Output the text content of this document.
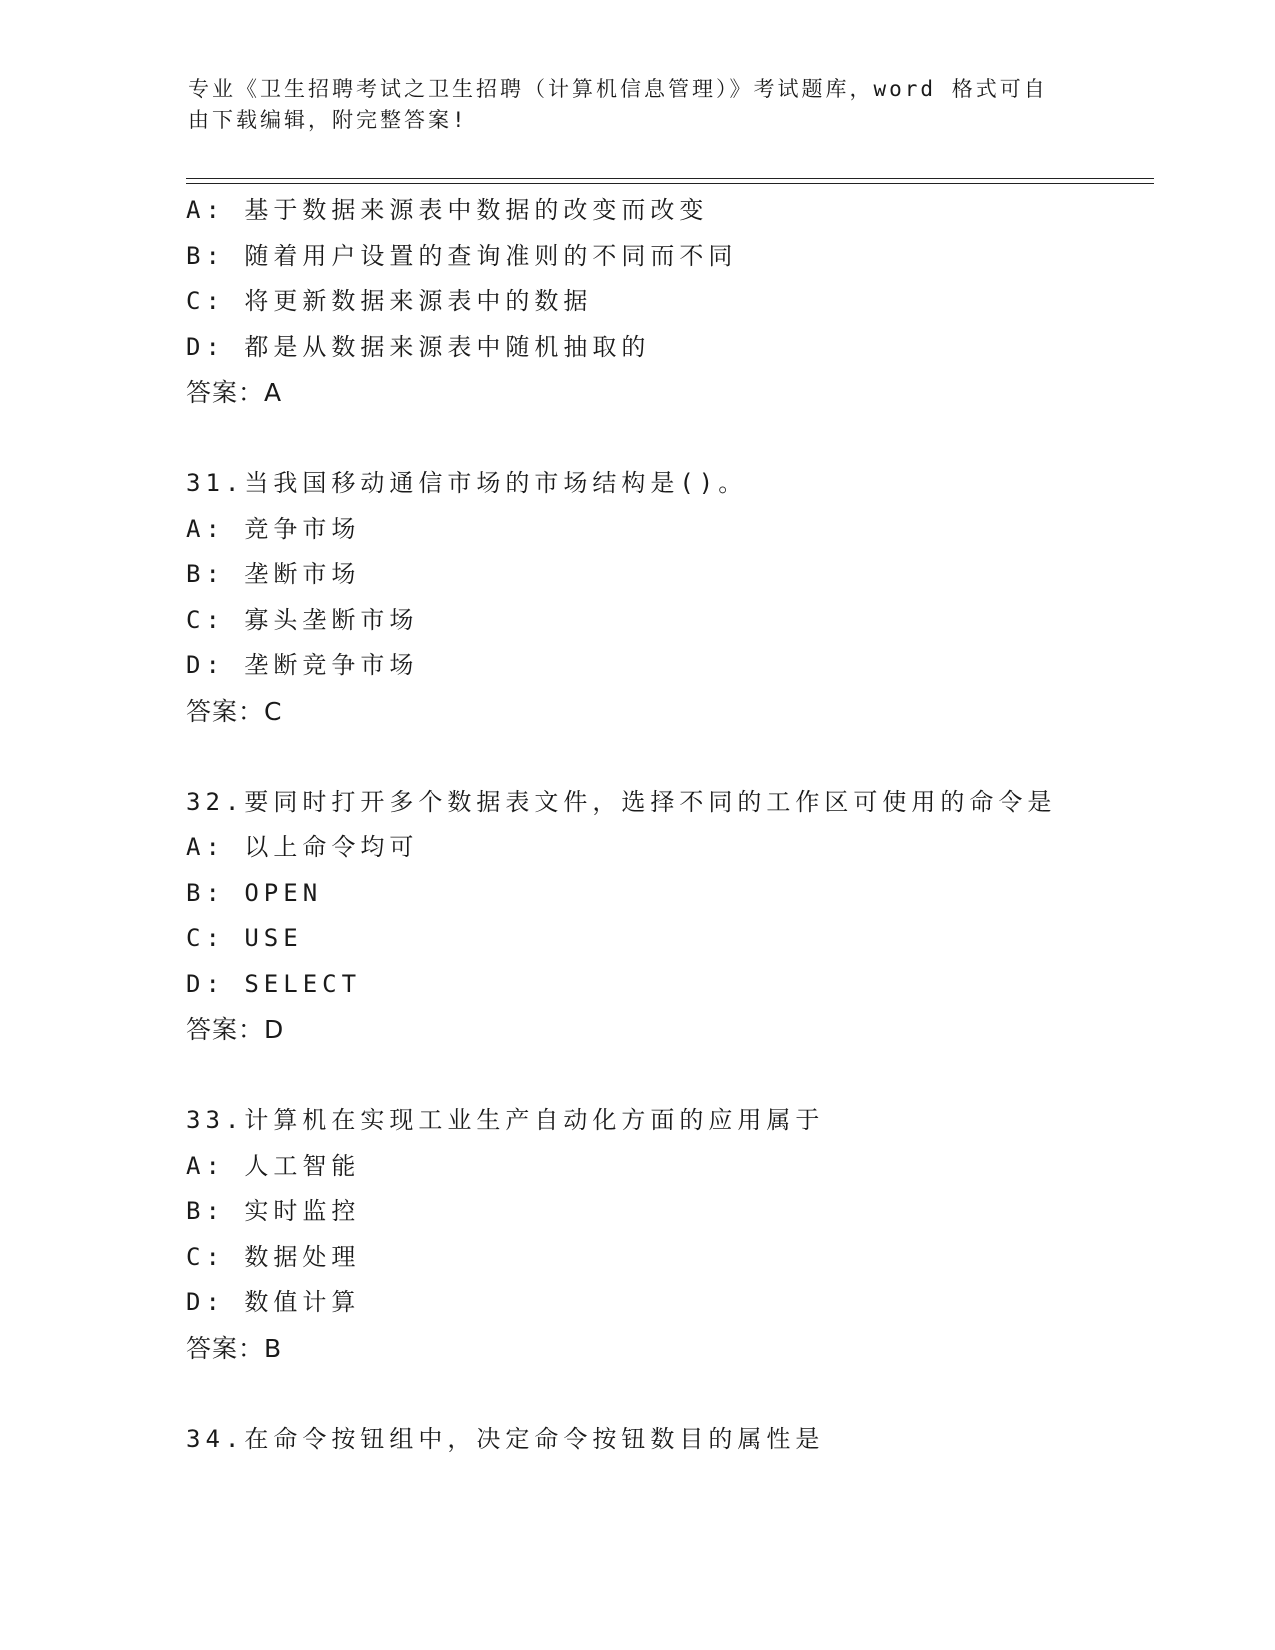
专业《卫生招聘考试之卫生招聘（计算机信息管理）》考试题库，word 格式可自由下载编辑，附完整答案!
A: 基于数据来源表中数据的改变而改变
B: 随着用户设置的查询准则的不同而不同
C: 将更新数据来源表中的数据
D: 都是从数据来源表中随机抽取的
答案：A
31.当我国移动通信市场的市场结构是()。
A: 竞争市场
B: 垄断市场
C: 寡头垄断市场
D: 垄断竞争市场
答案：C
32.要同时打开多个数据表文件，选择不同的工作区可使用的命令是
A: 以上命令均可
B: OPEN
C: USE
D: SELECT
答案：D
33.计算机在实现工业生产自动化方面的应用属于
A: 人工智能
B: 实时监控
C: 数据处理
D: 数值计算
答案：B
34.在命令按钮组中，决定命令按钮数目的属性是
